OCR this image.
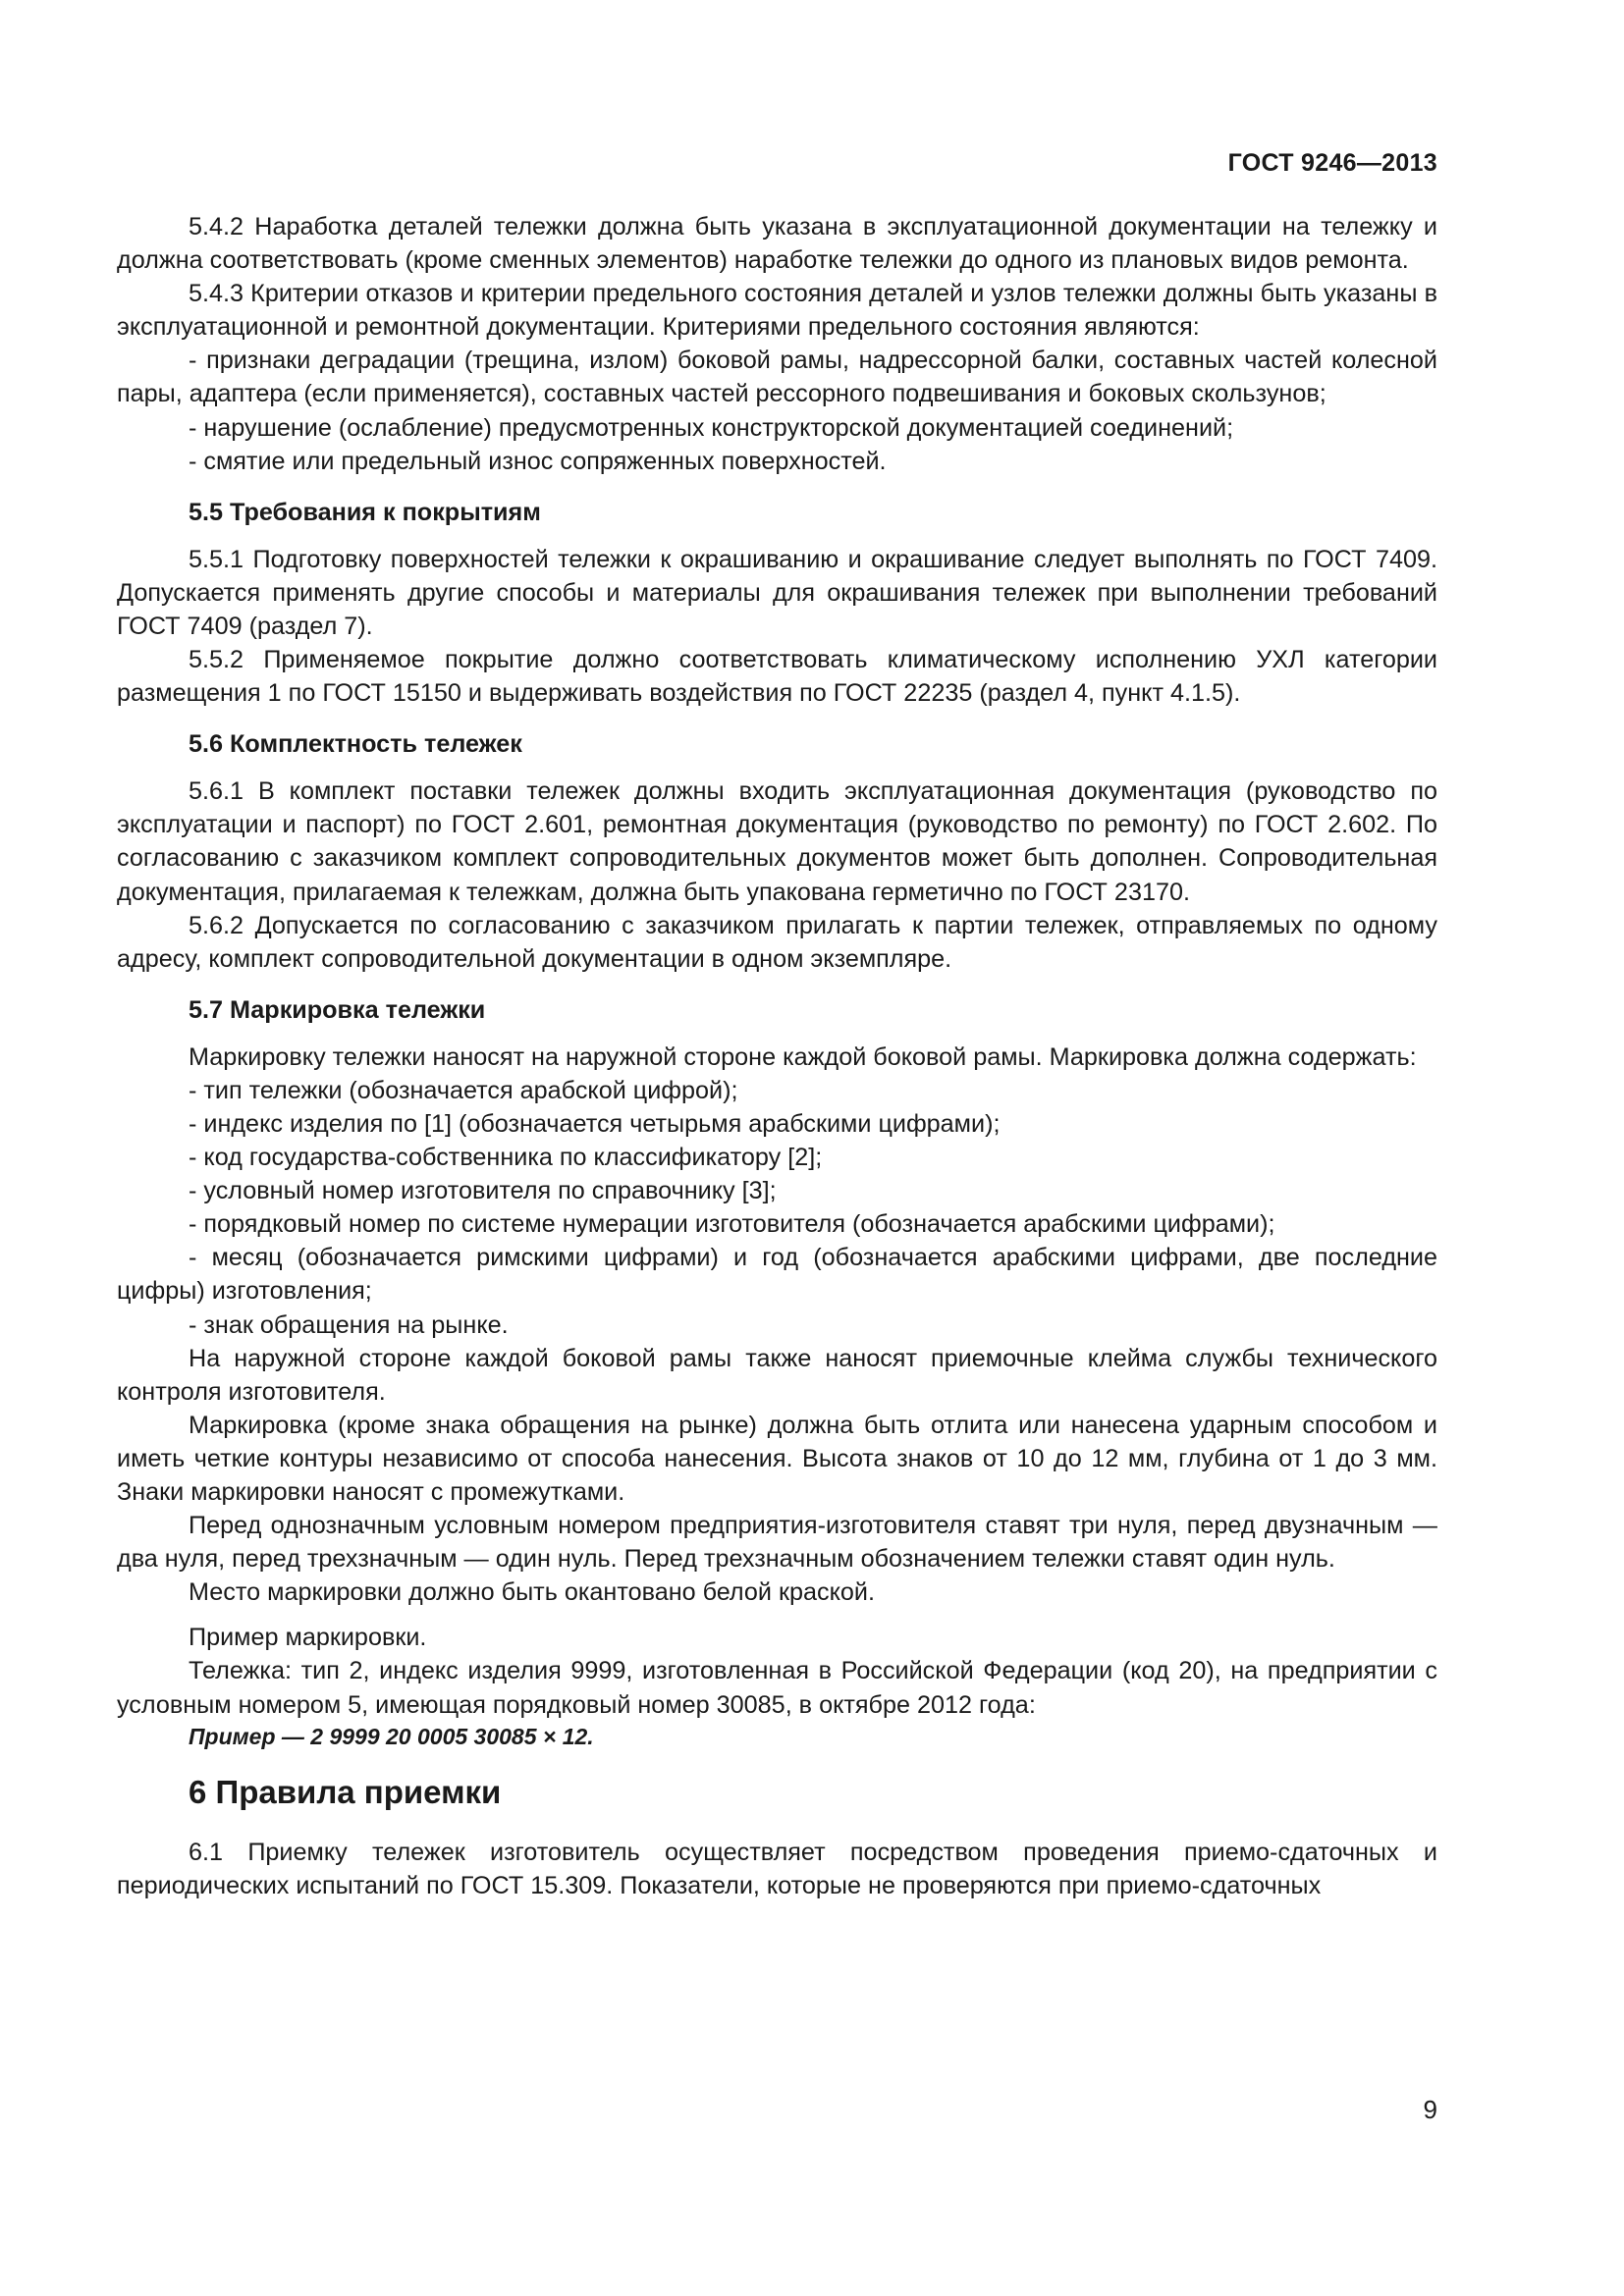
ГОСТ 9246—2013

5.4.2 Наработка деталей тележки должна быть указана в эксплуатационной документации на тележку и должна соответствовать (кроме сменных элементов) наработке тележки до одного из плановых видов ремонта.

5.4.3 Критерии отказов и критерии предельного состояния деталей и узлов тележки должны быть указаны в эксплуатационной и ремонтной документации. Критериями предельного состояния являются:

- признаки деградации (трещина, излом) боковой рамы, надрессорной балки, составных частей колесной пары, адаптера (если применяется), составных частей рессорного подвешивания и боковых скользунов;

- нарушение (ослабление) предусмотренных конструкторской документацией соединений;

- смятие или предельный износ сопряженных поверхностей.

5.5 Требования к покрытиям

5.5.1 Подготовку поверхностей тележки к окрашиванию и окрашивание следует выполнять по ГОСТ 7409. Допускается применять другие способы и материалы для окрашивания тележек при выполнении требований ГОСТ 7409 (раздел 7).

5.5.2 Применяемое покрытие должно соответствовать климатическому исполнению УХЛ категории размещения 1 по ГОСТ 15150 и выдерживать воздействия по ГОСТ 22235 (раздел 4, пункт 4.1.5).

5.6 Комплектность тележек

5.6.1 В комплект поставки тележек должны входить эксплуатационная документация (руководство по эксплуатации и паспорт) по ГОСТ 2.601, ремонтная документация (руководство по ремонту) по ГОСТ 2.602. По согласованию с заказчиком комплект сопроводительных документов может быть дополнен. Сопроводительная документация, прилагаемая к тележкам, должна быть упакована герметично по ГОСТ 23170.

5.6.2 Допускается по согласованию с заказчиком прилагать к партии тележек, отправляемых по одному адресу, комплект сопроводительной документации в одном экземпляре.

5.7 Маркировка тележки

Маркировку тележки наносят на наружной стороне каждой боковой рамы. Маркировка должна содержать:

- тип тележки (обозначается арабской цифрой);

- индекс изделия по [1] (обозначается четырьмя арабскими цифрами);

- код государства-собственника по классификатору [2];

- условный номер изготовителя по справочнику [3];

- порядковый номер по системе нумерации изготовителя (обозначается арабскими цифрами);

- месяц (обозначается римскими цифрами) и год (обозначается арабскими цифрами, две последние цифры) изготовления;

- знак обращения на рынке.

На наружной стороне каждой боковой рамы также наносят приемочные клейма службы технического контроля изготовителя.

Маркировка (кроме знака обращения на рынке) должна быть отлита или нанесена ударным способом и иметь четкие контуры независимо от способа нанесения. Высота знаков от 10 до 12 мм, глубина от 1 до 3 мм. Знаки маркировки наносят с промежутками.

Перед однозначным условным номером предприятия-изготовителя ставят три нуля, перед двузначным — два нуля, перед трехзначным — один нуль. Перед трехзначным обозначением тележки ставят один нуль.

Место маркировки должно быть окантовано белой краской.

Пример маркировки.

Тележка: тип 2, индекс изделия 9999, изготовленная в Российской Федерации (код 20), на предприятии с условным номером 5, имеющая порядковый номер 30085, в октябре 2012 года:

Пример — 2 9999 20 0005 30085 × 12.

6 Правила приемки

6.1 Приемку тележек изготовитель осуществляет посредством проведения приемо-сдаточных и периодических испытаний по ГОСТ 15.309. Показатели, которые не проверяются при приемо-сдаточных

9
